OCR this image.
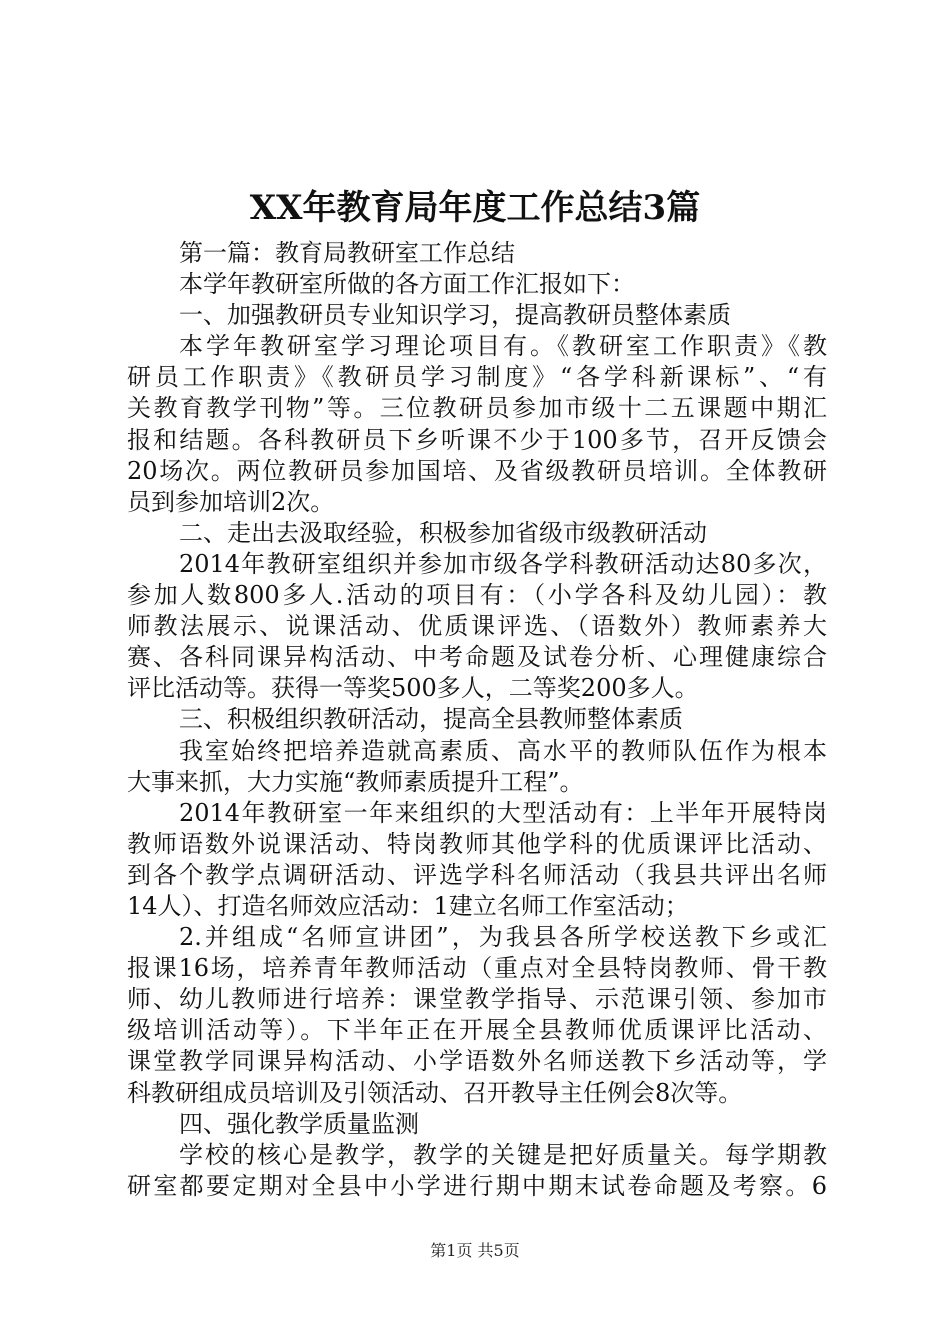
XX年教育局年度工作总结3篇

第一篇：教育局教研室工作总结

本学年教研室所做的各方面工作汇报如下：

一、加强教研员专业知识学习，提高教研员整体素质

本学年教研室学习理论项目有。《教研室工作职责》《教

研员工作职责》《教研员学习制度》“各学科新课标”、“有

关教育教学刊物”等。三位教研员参加市级十二五课题中期汇

报和结题。各科教研员下乡听课不少于100多节，召开反馈会

20场次。两位教研员参加国培、及省级教研员培训。全体教研

员到参加培训2次。

二、走出去汲取经验，积极参加省级市级教研活动

2014年教研室组织并参加市级各学科教研活动达80多次，

参加人数800多人.活动的项目有：（小学各科及幼儿园）：教

师教法展示、说课活动、优质课评选、（语数外）教师素养大

赛、各科同课异构活动、中考命题及试卷分析、心理健康综合

评比活动等。获得一等奖500多人，二等奖200多人。

三、积极组织教研活动，提高全县教师整体素质

我室始终把培养造就高素质、高水平的教师队伍作为根本

大事来抓，大力实施“教师素质提升工程”。

2014年教研室一年来组织的大型活动有：上半年开展特岗

教师语数外说课活动、特岗教师其他学科的优质课评比活动、

到各个教学点调研活动、评选学科名师活动（我县共评出名师

14人）、打造名师效应活动：1建立名师工作室活动；

2.并组成“名师宣讲团”，为我县各所学校送教下乡或汇

报课16场，培养青年教师活动（重点对全县特岗教师、骨干教

师、幼儿教师进行培养：课堂教学指导、示范课引领、参加市

级培训活动等）。下半年正在开展全县教师优质课评比活动、

课堂教学同课异构活动、小学语数外名师送教下乡活动等，学

科教研组成员培训及引领活动、召开教导主任例会8次等。

四、强化教学质量监测

学校的核心是教学，教学的关键是把好质量关。每学期教

研室都要定期对全县中小学进行期中期末试卷命题及考察。6

第1页 共5页
